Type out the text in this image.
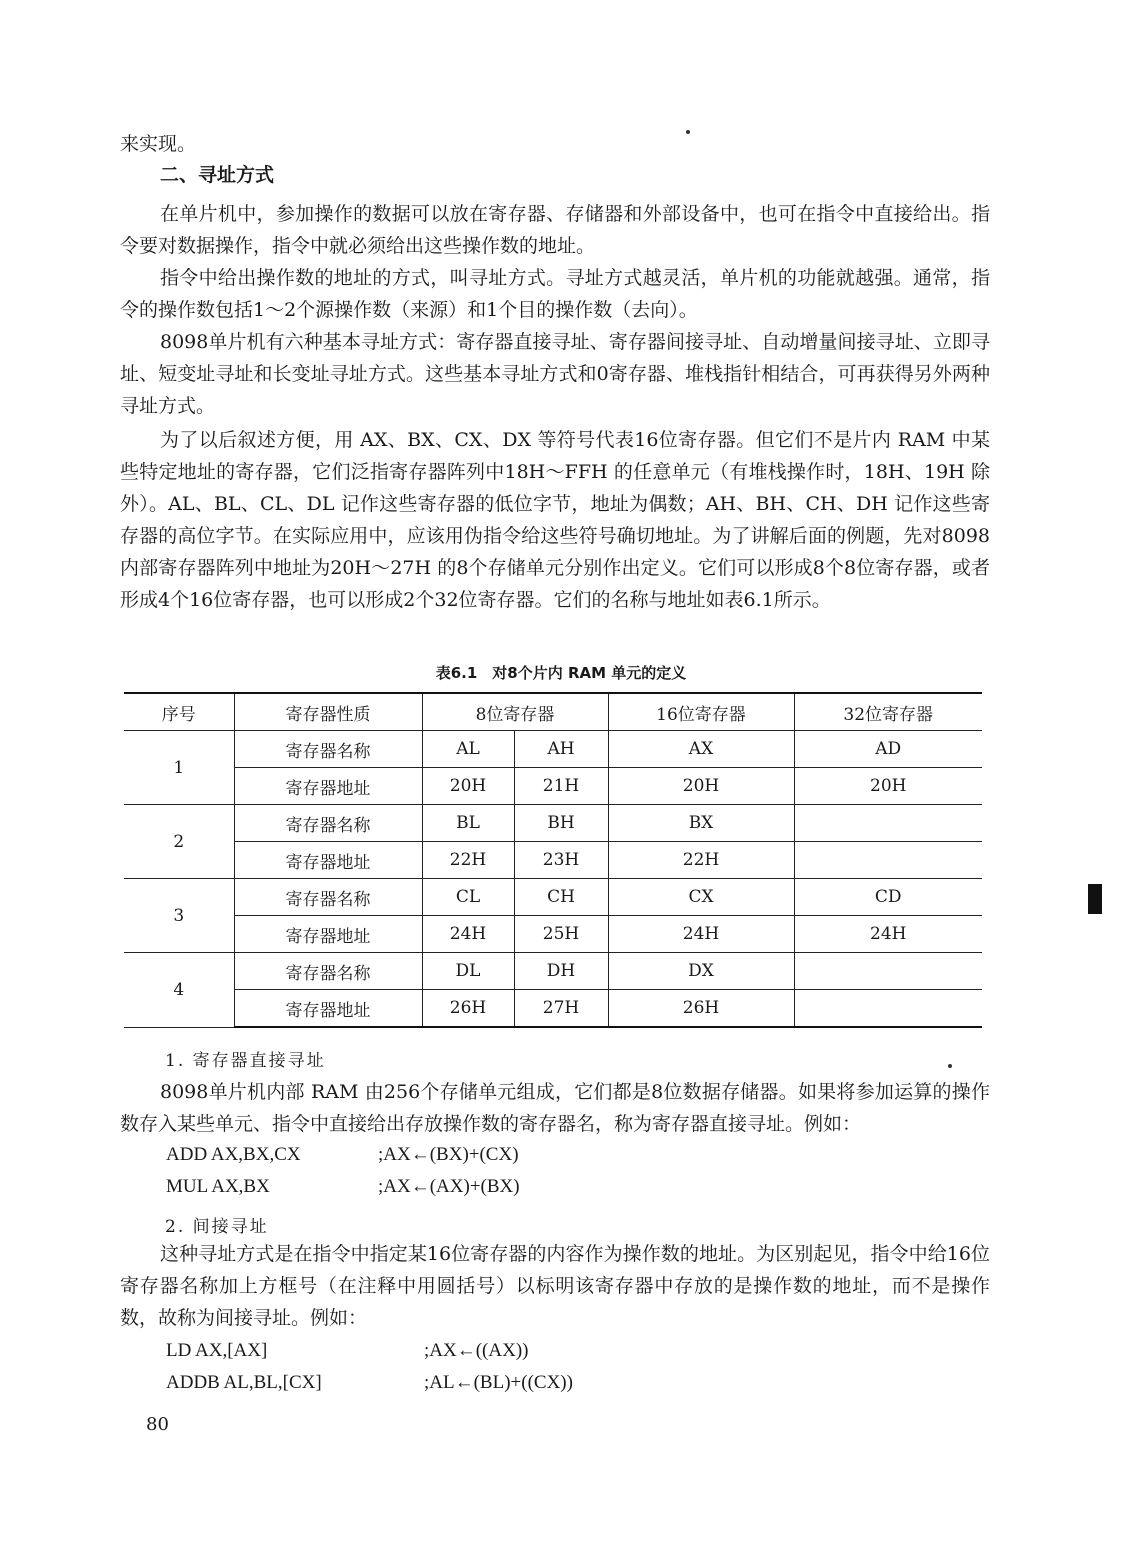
来实现。

二、寻址方式

在单片机中，参加操作的数据可以放在寄存器、存储器和外部设备中，也可在指令中直接给出。指令要对数据操作，指令中就必须给出这些操作数的地址。

指令中给出操作数的地址的方式，叫寻址方式。寻址方式越灵活，单片机的功能就越强。通常，指令的操作数包括1～2个源操作数（来源）和1个目的操作数（去向）。

8098单片机有六种基本寻址方式：寄存器直接寻址、寄存器间接寻址、自动增量间接寻址、立即寻址、短变址寻址和长变址寻址方式。这些基本寻址方式和0寄存器、堆栈指针相结合，可再获得另外两种寻址方式。

为了以后叙述方便，用 AX、BX、CX、DX 等符号代表16位寄存器。但它们不是片内 RAM 中某些特定地址的寄存器，它们泛指寄存器阵列中18H～FFH 的任意单元（有堆栈操作时，18H、19H 除外）。AL、BL、CL、DL 记作这些寄存器的低位字节，地址为偶数；AH、BH、CH、DH 记作这些寄存器的高位字节。在实际应用中，应该用伪指令给这些符号确切地址。为了讲解后面的例题，先对8098内部寄存器阵列中地址为20H～27H 的8个存储单元分别作出定义。它们可以形成8个8位寄存器，或者形成4个16位寄存器，也可以形成2个32位寄存器。它们的名称与地址如表6.1所示。

表6.1　对8个片内 RAM 单元的定义
序号	寄存器性质	8位寄存器		16位寄存器	32位寄存器
1	寄存器名称	AL	AH	AX	AD
	寄存器地址	20H	21H	20H	20H
2	寄存器名称	BL	BH	BX	
	寄存器地址	22H	23H	22H	
3	寄存器名称	CL	CH	CX	CD
	寄存器地址	24H	25H	24H	24H
4	寄存器名称	DL	DH	DX	
	寄存器地址	26H	27H	26H	

1. 寄存器直接寻址

8098单片机内部 RAM 由256个存储单元组成，它们都是8位数据存储器。如果将参加运算的操作数存入某些单元、指令中直接给出存放操作数的寄存器名，称为寄存器直接寻址。例如：

ADD AX,BX,CX	;AX←(BX)+(CX)

MUL AX,BX	;AX←(AX)+(BX)

2. 间接寻址

这种寻址方式是在指令中指定某16位寄存器的内容作为操作数的地址。为区别起见，指令中给16位寄存器名称加上方框号（在注释中用圆括号）以标明该寄存器中存放的是操作数的地址，而不是操作数，故称为间接寻址。例如：

LD AX,[AX]	;AX←((AX))

ADDB AL,BL,[CX]	;AL←(BL)+((CX))

80
